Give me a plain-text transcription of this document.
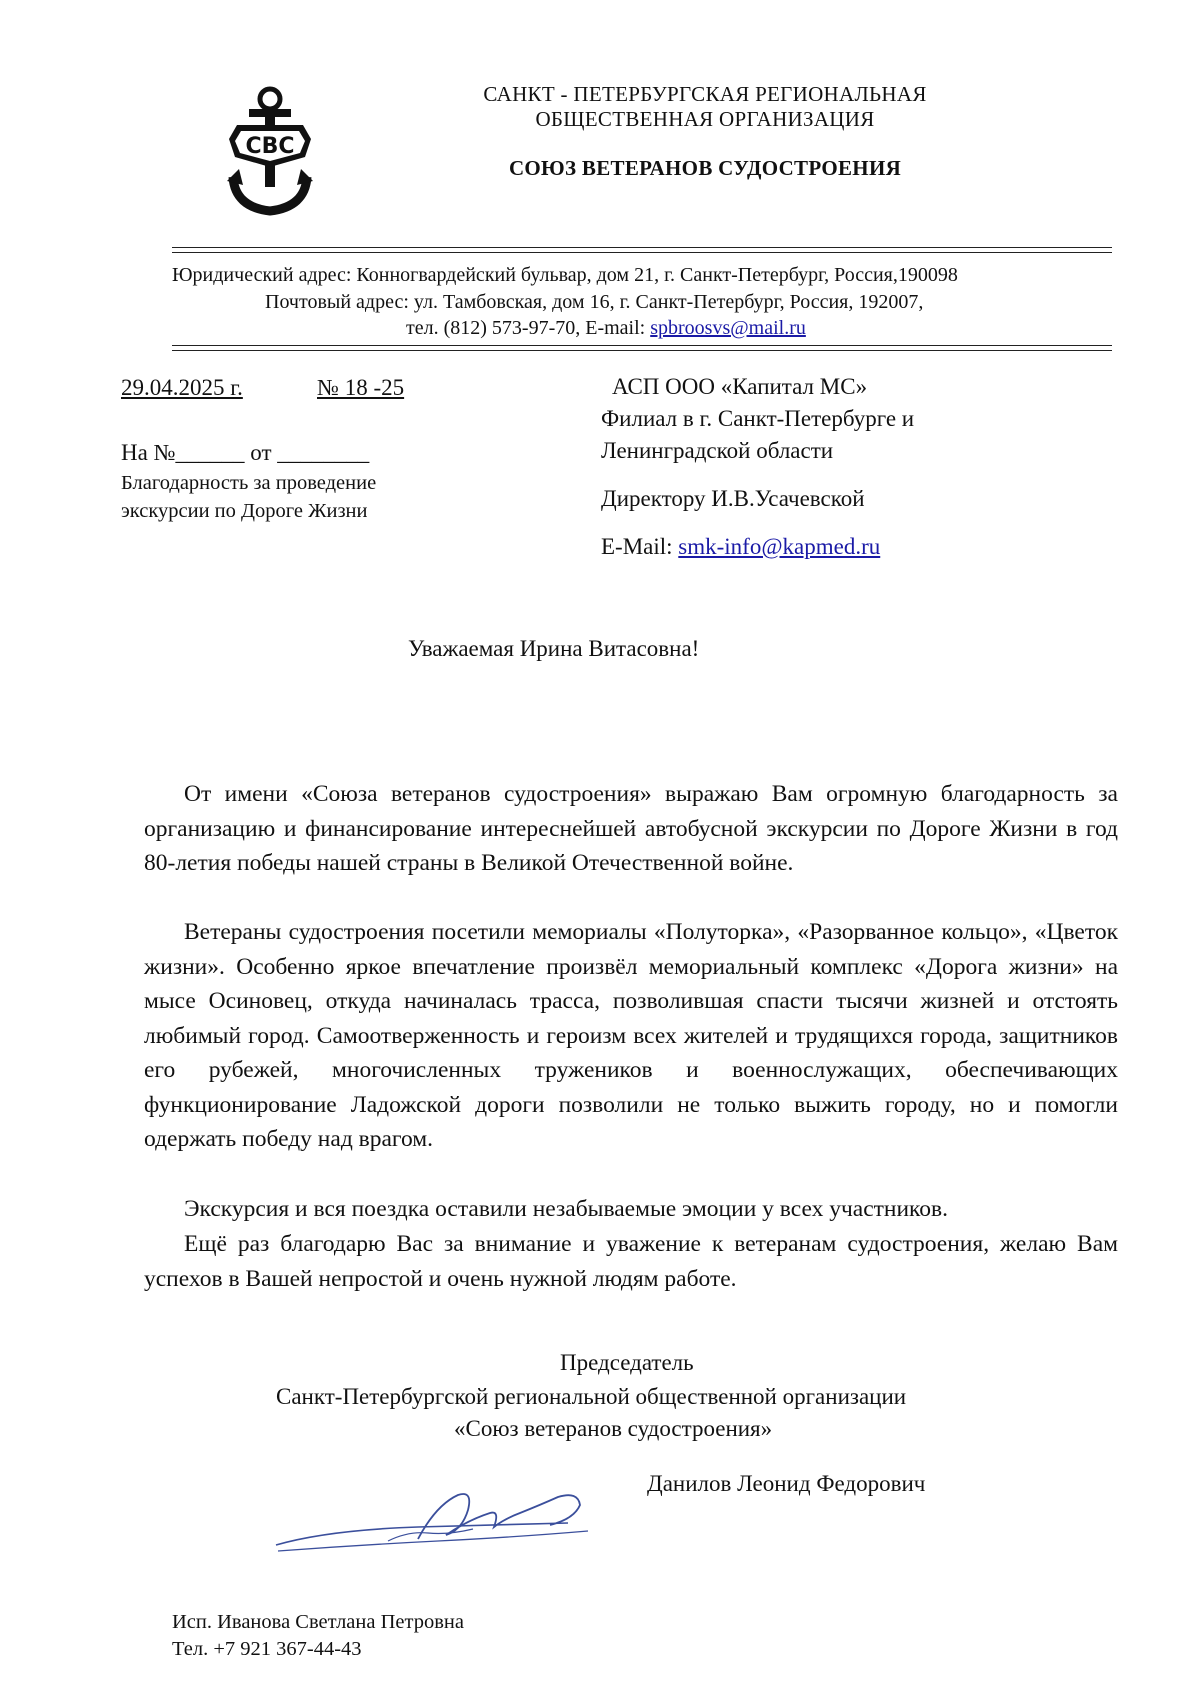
СВС
САНКТ - ПЕТЕРБУРГСКАЯ РЕГИОНАЛЬНАЯ
ОБЩЕСТВЕННАЯ ОРГАНИЗАЦИЯ
СОЮЗ ВЕТЕРАНОВ СУДОСТРОЕНИЯ
Юридический адрес: Конногвардейский бульвар, дом 21, г. Санкт-Петербург, Россия,190098
Почтовый адрес: ул. Тамбовская, дом 16, г. Санкт-Петербург, Россия, 192007,
тел. (812) 573-97-70, E-mail: spbroosvs@mail.ru
29.04.2025 г.	№ 18 -25
На №______ от ________
Благодарность за проведение
экскурсии по Дороге Жизни
АСП ООО «Капитал МС»
Филиал в г. Санкт-Петербурге и
Ленинградской области
Директору И.В.Усачевской
E-Mail: smk-info@kapmed.ru
Уважаемая Ирина Витасовна!
От имени «Союза ветеранов судостроения» выражаю Вам огромную благодарность за организацию и финансирование интереснейшей автобусной экскурсии по Дороге Жизни в год 80-летия победы нашей страны в Великой Отечественной войне.
Ветераны судостроения посетили мемориалы «Полуторка», «Разорванное кольцо», «Цветок жизни». Особенно яркое впечатление произвёл мемориальный комплекс «Дорога жизни» на мысе Осиновец, откуда начиналась трасса, позволившая спасти тысячи жизней и отстоять любимый город. Самоотверженность и героизм всех жителей и трудящихся города, защитников его рубежей, многочисленных тружеников и военнослужащих, обеспечивающих функционирование Ладожской дороги позволили не только выжить городу, но и помогли одержать победу над врагом.
Экскурсия и вся поездка оставили незабываемые эмоции у всех участников.
Ещё раз благодарю Вас за внимание и уважение к ветеранам судостроения, желаю Вам успехов в Вашей непростой и очень нужной людям работе.
Председатель
Санкт-Петербургской региональной общественной организации
«Союз ветеранов судостроения»
Данилов Леонид Федорович
Исп. Иванова Светлана Петровна
Тел. +7 921 367-44-43
